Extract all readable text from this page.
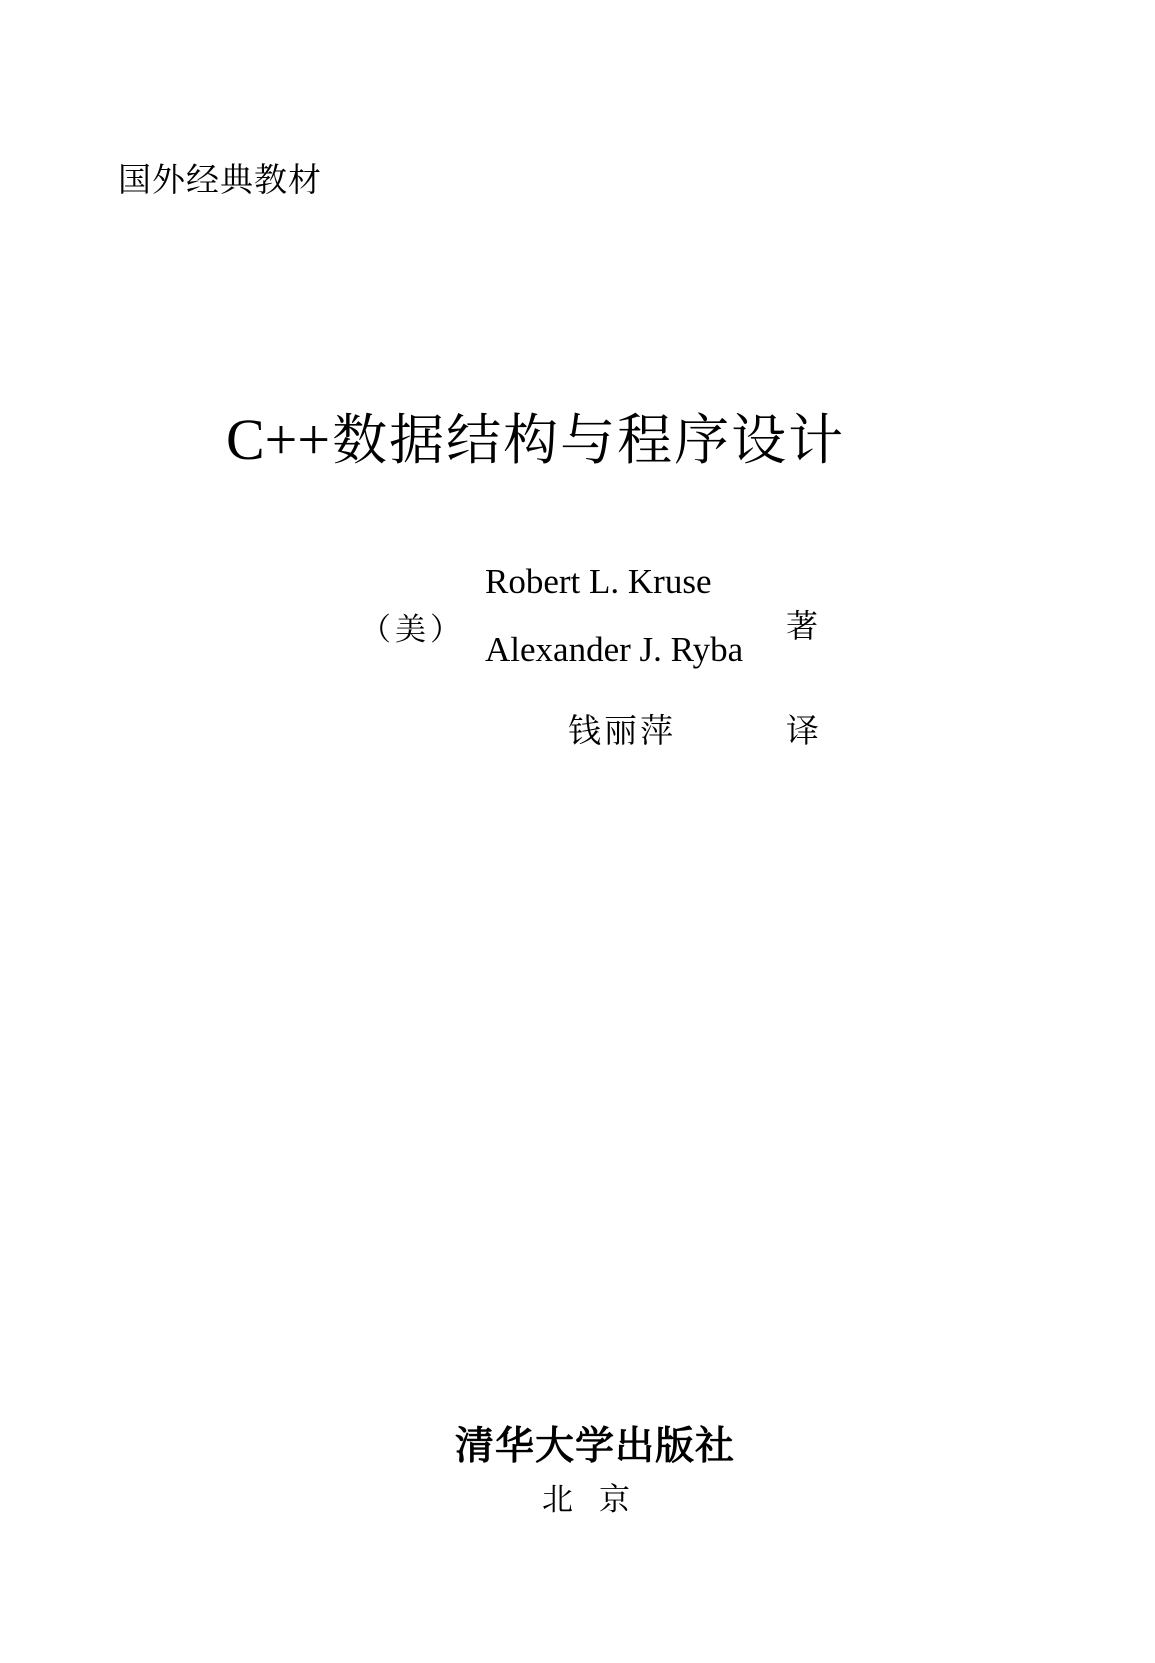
国外经典教材
C++数据结构与程序设计
（美）
Robert L. Kruse
Alexander J. Ryba
著
钱丽萍	译
清华大学出版社
北京
